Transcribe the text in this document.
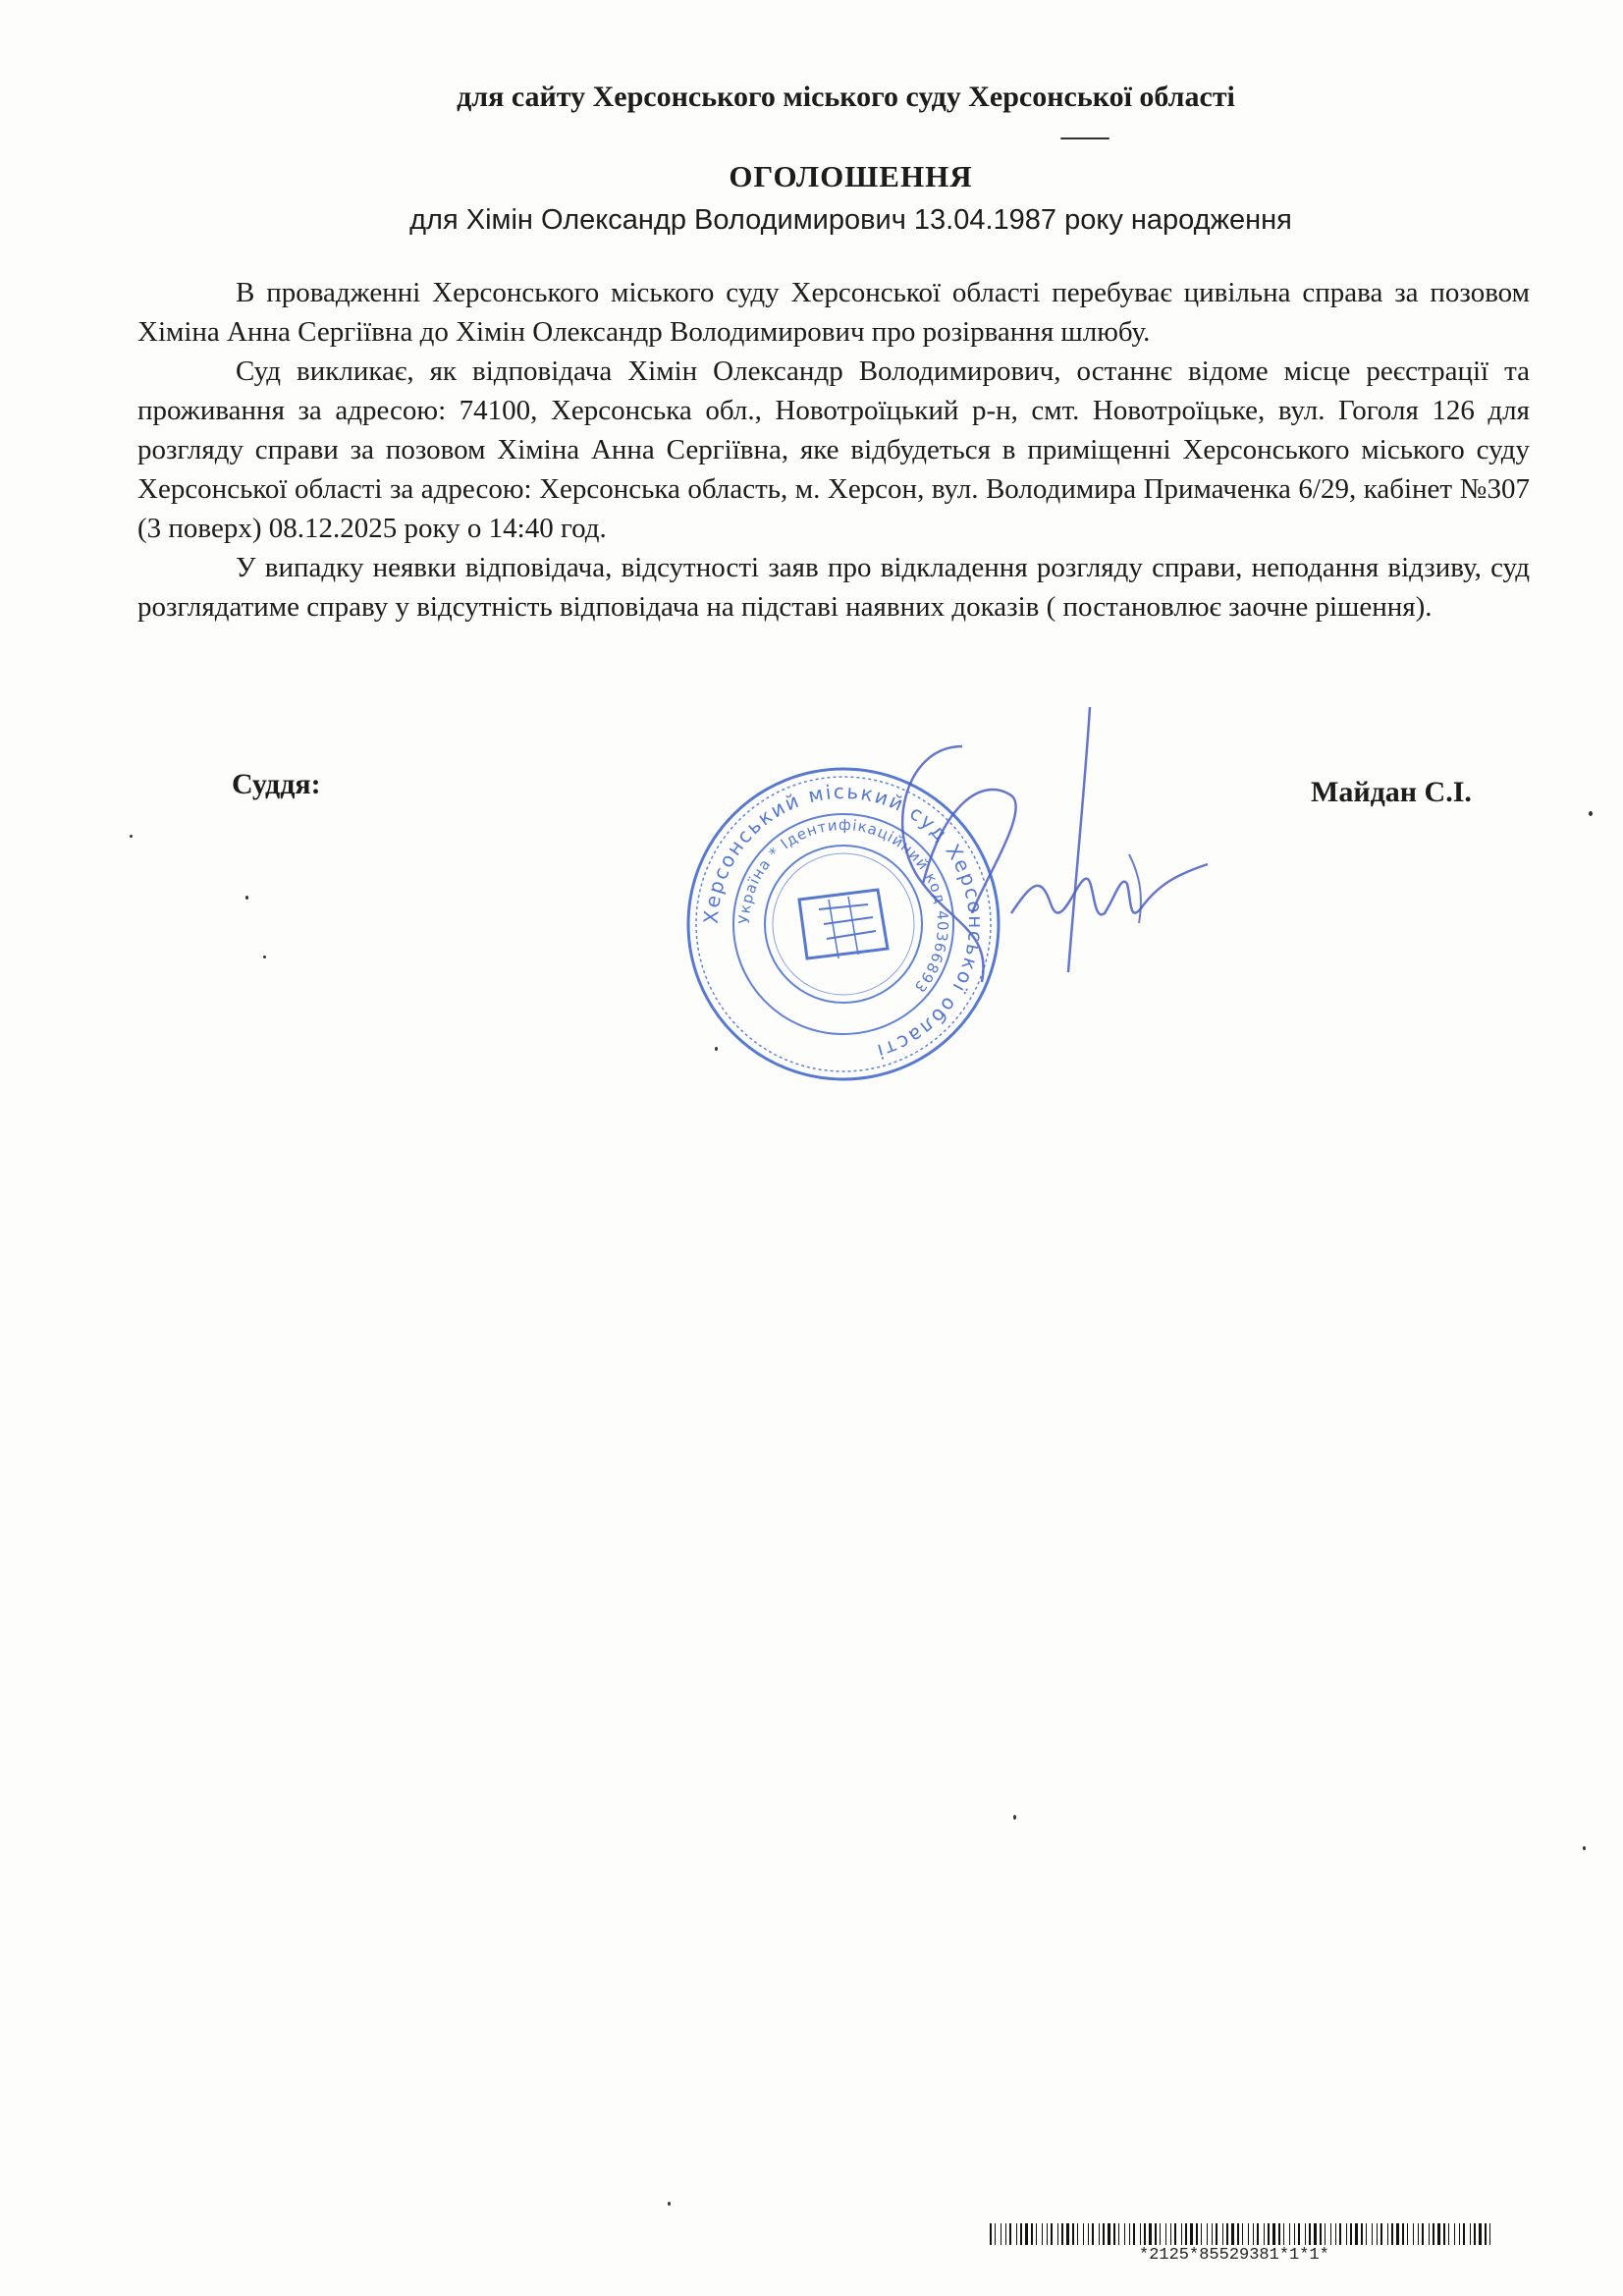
для сайту Херсонського міського суду Херсонської області
ОГОЛОШЕННЯ
для Хімін Олександр Володимирович 13.04.1987 року народження

В провадженні Херсонського міського суду Херсонської області перебуває цивільна справа за позовом Хіміна Анна Сергіївна до Хімін Олександр Володимирович про розірвання шлюбу.

Суд викликає, як відповідача Хімін Олександр Володимирович, останнє відоме місце реєстрації та проживання за адресою: 74100, Херсонська обл., Новотроїцький р-н, смт. Новотроїцьке, вул. Гоголя 126 для розгляду справи за позовом Хіміна Анна Сергіївна, яке відбудеться в приміщенні Херсонського міського суду Херсонської області за адресою: Херсонська область, м. Херсон, вул. Володимира Примаченка 6/29, кабінет №307 (3 поверх) 08.12.2025 року о 14:40 год.

У випадку неявки відповідача, відсутності заяв про відкладення розгляду справи, неподання відзиву, суд розглядатиме справу у відсутність відповідача на підставі наявних доказів ( постановлює заочне рішення).

Херсонський міський суд Херсонської області
Україна * Ідентифікаційний код 40366893
Суддя:	Майдан С.І.
*2125*85529381*1*1*
